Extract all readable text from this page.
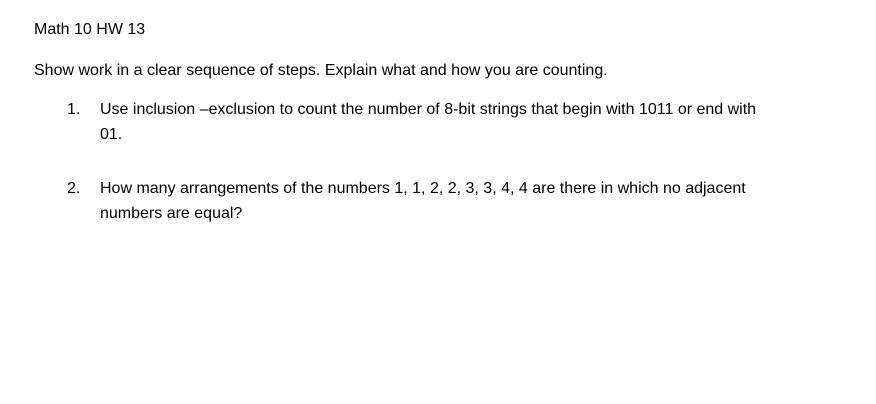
Math 10 HW 13
Show work in a clear sequence of steps. Explain what and how you are counting.
1.	Use inclusion –exclusion to count the number of 8-bit strings that begin with 1011 or end with
01.
2.	How many arrangements of the numbers 1, 1, 2, 2, 3, 3, 4, 4 are there in which no adjacent
numbers are equal?
